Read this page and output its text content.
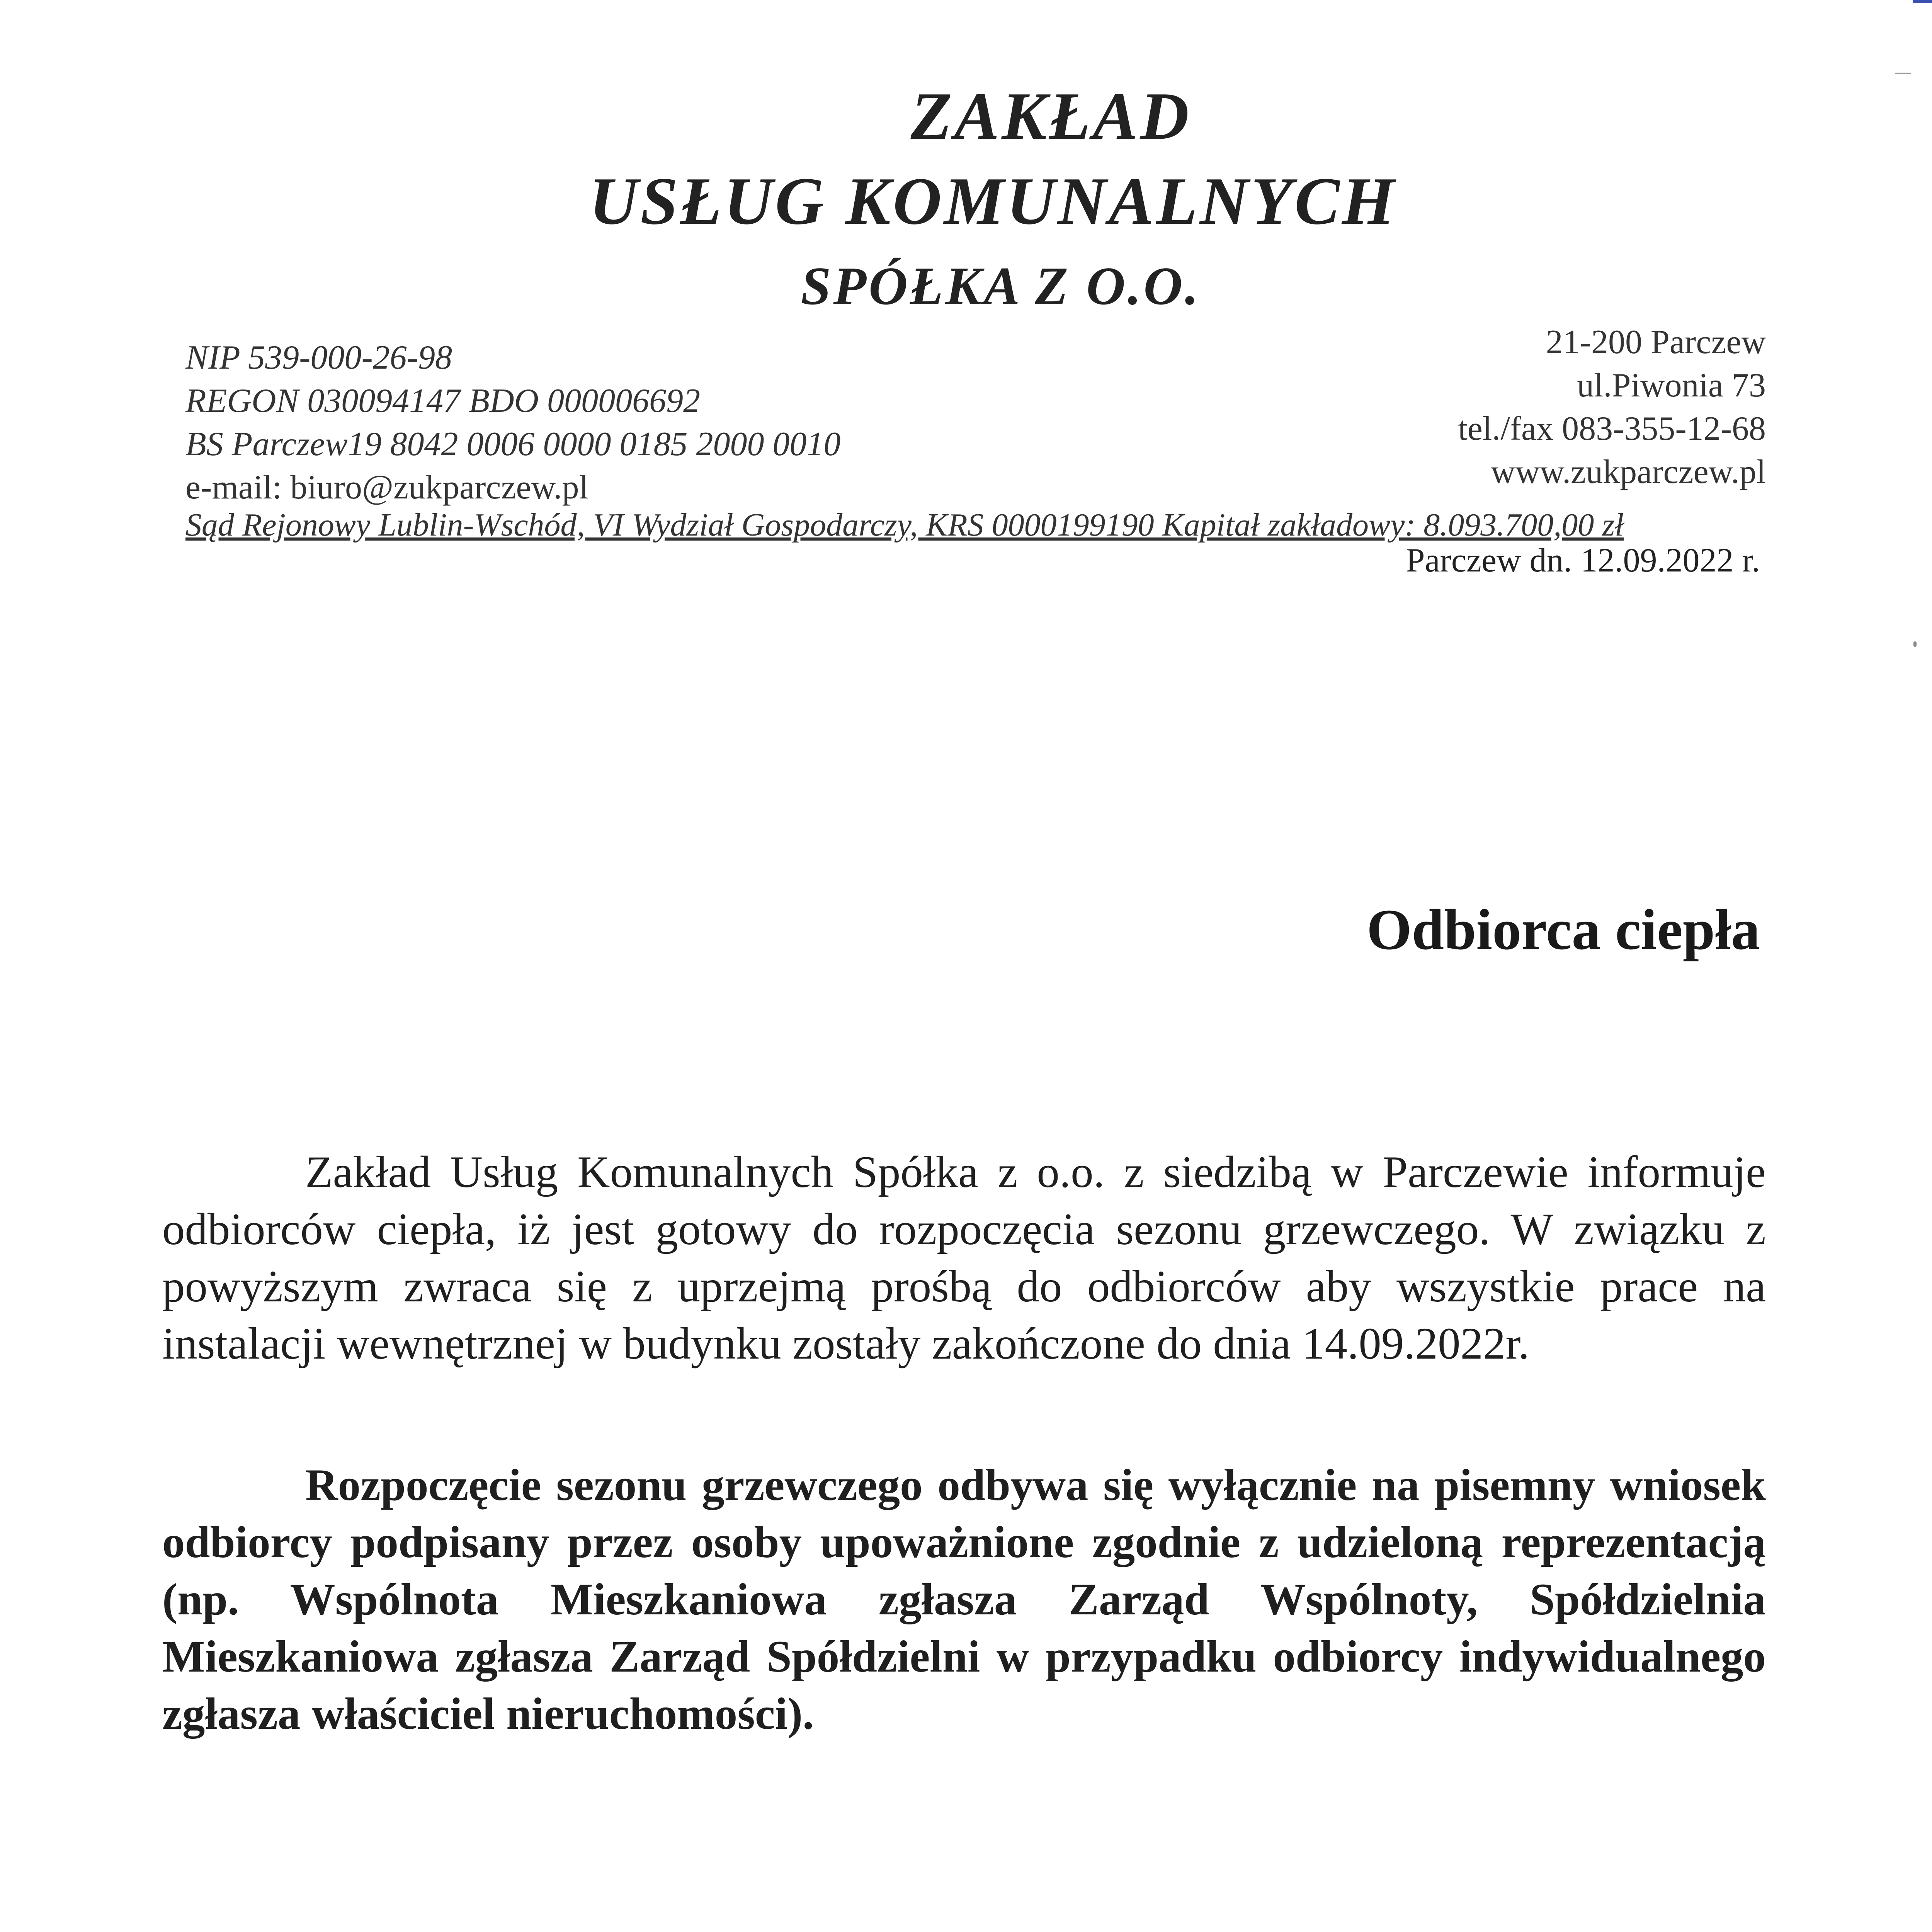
ZAKŁAD
USŁUG KOMUNALNYCH
SPÓŁKA Z O.O.
NIP 539-000-26-98
REGON 030094147 BDO 000006692
BS Parczew19 8042 0006 0000 0185 2000 0010
e-mail: biuro@zukparczew.pl
21-200 Parczew
ul.Piwonia 73
tel./fax 083-355-12-68
www.zukparczew.pl
Sąd Rejonowy Lublin-Wschód, VI Wydział Gospodarczy, KRS 0000199190 Kapitał zakładowy: 8.093.700,00 zł
Parczew dn. 12.09.2022 r.
Odbiorca ciepła
Zakład Usług Komunalnych Spółka z o.o. z siedzibą w Parczewie informuje odbiorców ciepła, iż jest gotowy do rozpoczęcia sezonu grzewczego. W związku z powyższym zwraca się z uprzejmą prośbą do odbiorców aby wszystkie prace na instalacji wewnętrznej w budynku zostały zakończone do dnia 14.09.2022r.
Rozpoczęcie sezonu grzewczego odbywa się wyłącznie na pisemny wniosek odbiorcy podpisany przez osoby upoważnione zgodnie z udzieloną reprezentacją (np. Wspólnota Mieszkaniowa zgłasza Zarząd Wspólnoty, Spółdzielnia Mieszkaniowa zgłasza Zarząd Spółdzielni w przypadku odbiorcy indywidualnego zgłasza właściciel nieruchomości).
